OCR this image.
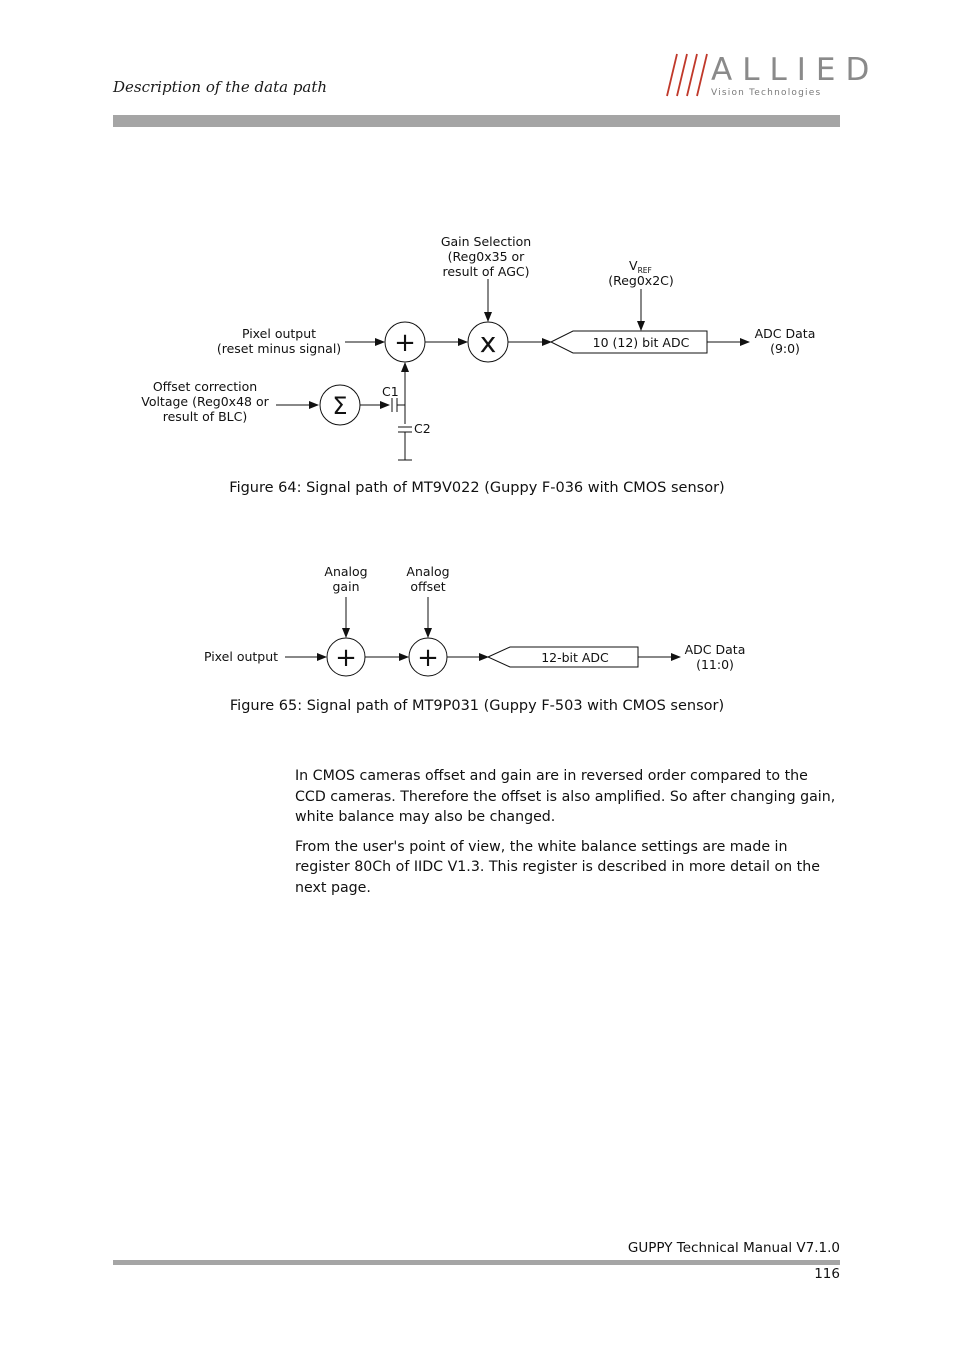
Description of the data path	ALLIED
Vision Technologies
Gain Selection
(Reg0x35 or
result of AGC)	$V_{REF}$
(Reg0x2C)
Pixel output
(reset minus signal)
Offset correction
Voltage (Reg0x48 or
result of BLC)
+ x	10 (12) bit ADC
ADC Data
(9:0)
Σ
C1
C2
Figure 64: Signal path of MT9V022 (Guppy F-036 with CMOS sensor)
Analog
gain
Analog
offset
Pixel output + +	12-bit ADC
ADC Data
(11:0)
Figure 65: Signal path of MT9P031 (Guppy F-503 with CMOS sensor)

In CMOS cameras offset and gain are in reversed order compared to the CCD cameras. Therefore the offset is also amplified. So after changing gain, white balance may also be changed.

From the user's point of view, the white balance settings are made in register 80Ch of IIDC V1.3. This register is described in more detail on the next page.

GUPPY Technical Manual V7.1.0
116
